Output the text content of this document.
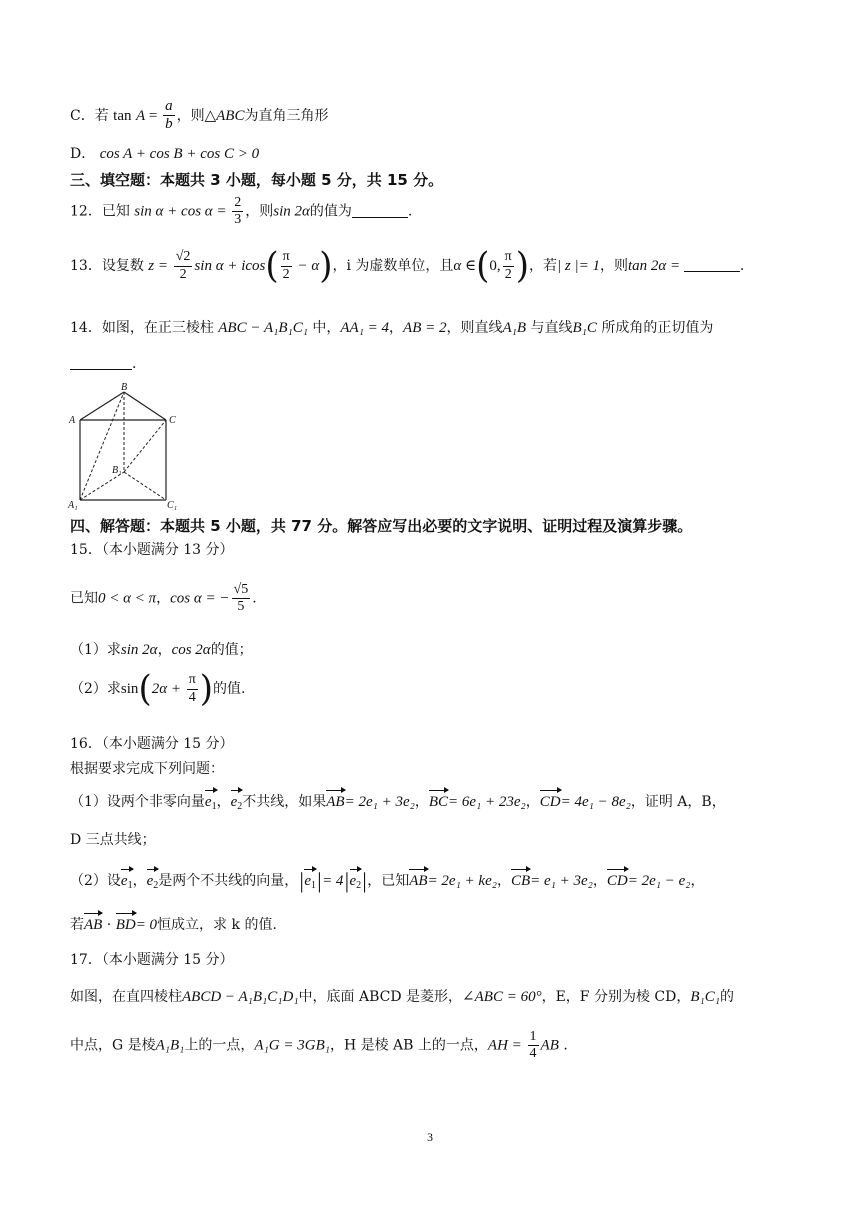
C．若 $\tan A = \frac{a}{b}$ ，则△ABC为直角三角形
D． cos A + cos B + cos C > 0
三、填空题：本题共 3 小题，每小题 5 分，共 15 分。
12．已知 $\sin \alpha + \cos \alpha = \frac{2}{3}$ ，则sin 2α的值为	.
13．设复数 $z = \frac{√2}{2}$ $\sin \alpha + icos( \frac{\pi}{2} - \alpha)$，i 为虚数单位，且α ∈(0, $\frac{\pi}{2}$ )，若| z |= 1，则tan 2α =	.
14．如图，在正三棱柱 ABC − A₁B₁C₁ 中，AA₁ = 4，AB = 2，则直线A₁B 与直线B₁C 所成角的正切值为
.
B
A	C
B₁
A₁	C₁
四、解答题：本题共 5 小题，共 77 分。解答应写出必要的文字说明、证明过程及演算步骤。
15．（本小题满分 13 分）
已知0 < α < π，cos α = − $\frac{√5}{5}$ .
（1）求sin 2α，cos 2α的值；
（2）求$\sin(2\alpha + \frac{\pi}{4}$ )的值.
16．（本小题满分 15 分）
根据要求完成下列问题：
（1）设两个非零向量$e_1$，$e_2$不共线，如果AB= 2e₁ + 3e₂，BC= 6e₁ + 23e₂，CD= 4e₁ − 8e₂，证明 A，B，
D 三点共线；
（2）设$e_1$，$e_2$是两个不共线的向量，$|e_1|= 4|e_2|$，已知AB= 2e₁ + ke₂，CB= e₁ + 3e₂，CD= 2e₁ − e₂，
若AB · BD= 0恒成立，求 k 的值.
17．（本小题满分 15 分）
如图，在直四棱柱ABCD − A₁B₁C₁D₁中，底面 ABCD 是菱形，∠ABC = 60°，E，F 分别为棱 CD，B₁C₁的
中点，G 是棱A₁B₁上的一点，A₁G = 3GB₁，H 是棱 AB 上的一点，AH = $\frac{1}{4}$ AB .
3
